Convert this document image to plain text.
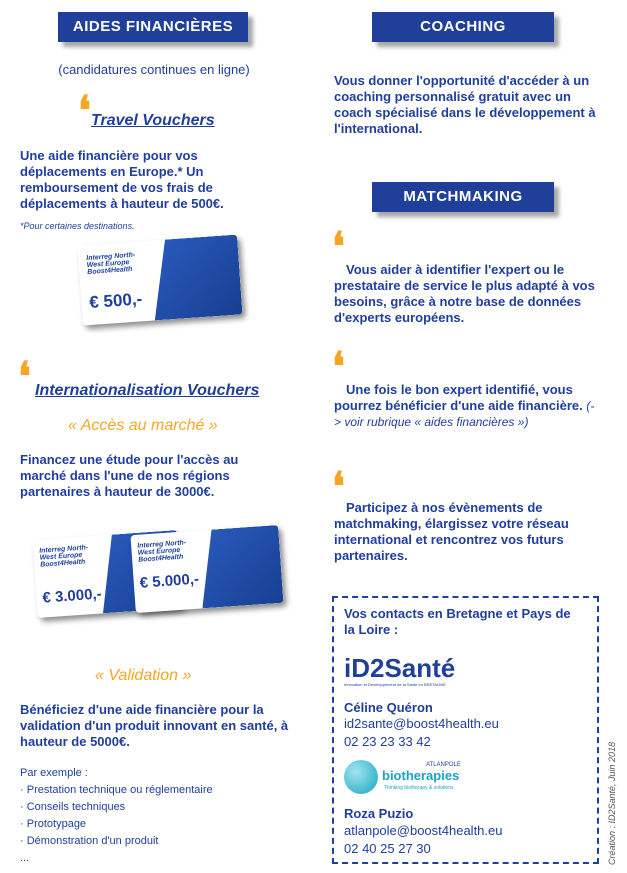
AIDES FINANCIÈRES
(candidatures continues en ligne)
❛ Travel Vouchers
Une aide financière pour vos déplacements en Europe.* Un remboursement de vos frais de déplacements à hauteur de 500€.
*Pour certaines destinations.
Interreg North-West Europe Boost4Health
€ 500,-
❛ Internationalisation Vouchers
« Accès au marché »
Financez une étude pour l'accès au marché dans l'une de nos régions partenaires à hauteur de 3000€.
Interreg North-West Europe Boost4Health
€ 3.000,-
Interreg North-West Europe Boost4Health
€ 5.000,-
« Validation »
Bénéficiez d'une aide financière pour la validation d'un produit innovant en santé, à hauteur de 5000€.
Par exemple :
· Prestation technique ou réglementaire
· Conseils techniques
· Prototypage
· Démonstration d'un produit
...
COACHING
Vous donner l'opportunité d'accéder à un coaching personnalisé gratuit avec un coach spécialisé dans le développement à l'international.
MATCHMAKING
❛
Vous aider à identifier l'expert ou le prestataire de service le plus adapté à vos besoins, grâce à notre base de données d'experts européens.
❛
Une fois le bon expert identifié, vous pourrez bénéficier d'une aide financière. (-> voir rubrique « aides financières »)
❛ Participez à nos évènements de matchmaking, élargissez votre réseau international et rencontrez vos futurs partenaires.
Vos contacts en Bretagne et Pays de la Loire :
iD2Santé
Innovation et Développement de la Santé en BRETAGNE
Céline Quéron
id2sante@boost4health.eu
02 23 23 33 42
ATLANPOLE
biotherapies
Thinking biotherapy & solutions
Roza Puzio
atlanpole@boost4health.eu
02 40 25 27 30	Création : ID2Santé, Juin 2018
